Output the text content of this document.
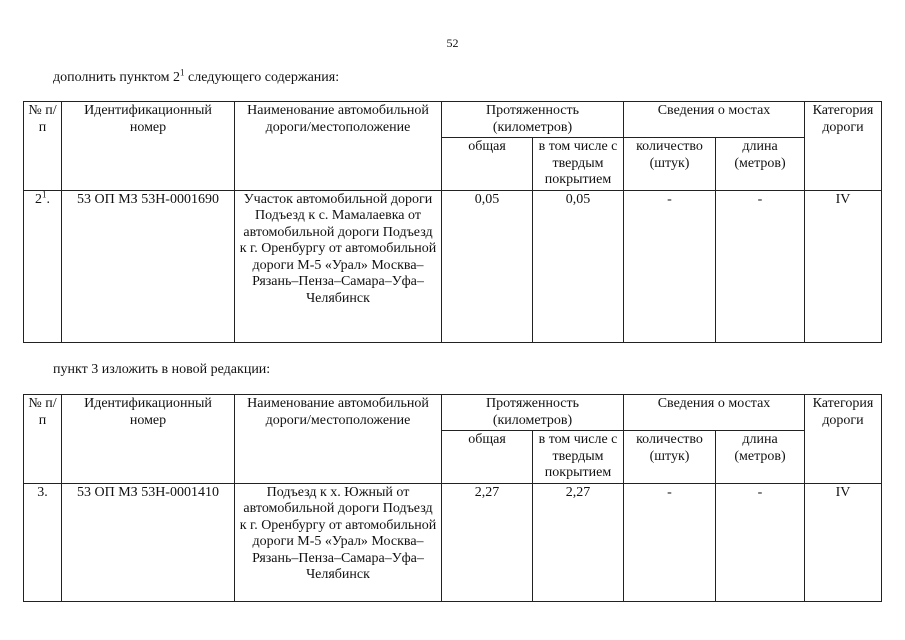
52
дополнить пунктом $2^1$ следующего содержания:
№ п/п	Идентификационный номер	Наименование автомобильной дороги/местоположение	Протяженность (километров)		Сведения о мостах		Категория дороги
			общая	в том числе с твердым покрытием	количество (штук)	длина (метров)	
$2^1$.	53 ОП МЗ 53Н-0001690	Участок автомобильной дороги Подъезд к с. Мамалаевка от автомобильной дороги Подъезд к г. Оренбургу от автомобильной дороги М-5 «Урал» Москва–Рязань–Пенза–Самара–Уфа–Челябинск	0,05	0,05	-	-	IV
пункт 3 изложить в новой редакции:
№ п/п	Идентификационный номер	Наименование автомобильной дороги/местоположение	Протяженность (километров)		Сведения о мостах		Категория дороги
			общая	в том числе с твердым покрытием	количество (штук)	длина (метров)	
3.	53 ОП МЗ 53Н-0001410	Подъезд к х. Южный от автомобильной дороги Подъезд к г. Оренбургу от автомобильной дороги М-5 «Урал» Москва–Рязань–Пенза–Самара–Уфа–Челябинск	2,27	2,27	-	-	IV
